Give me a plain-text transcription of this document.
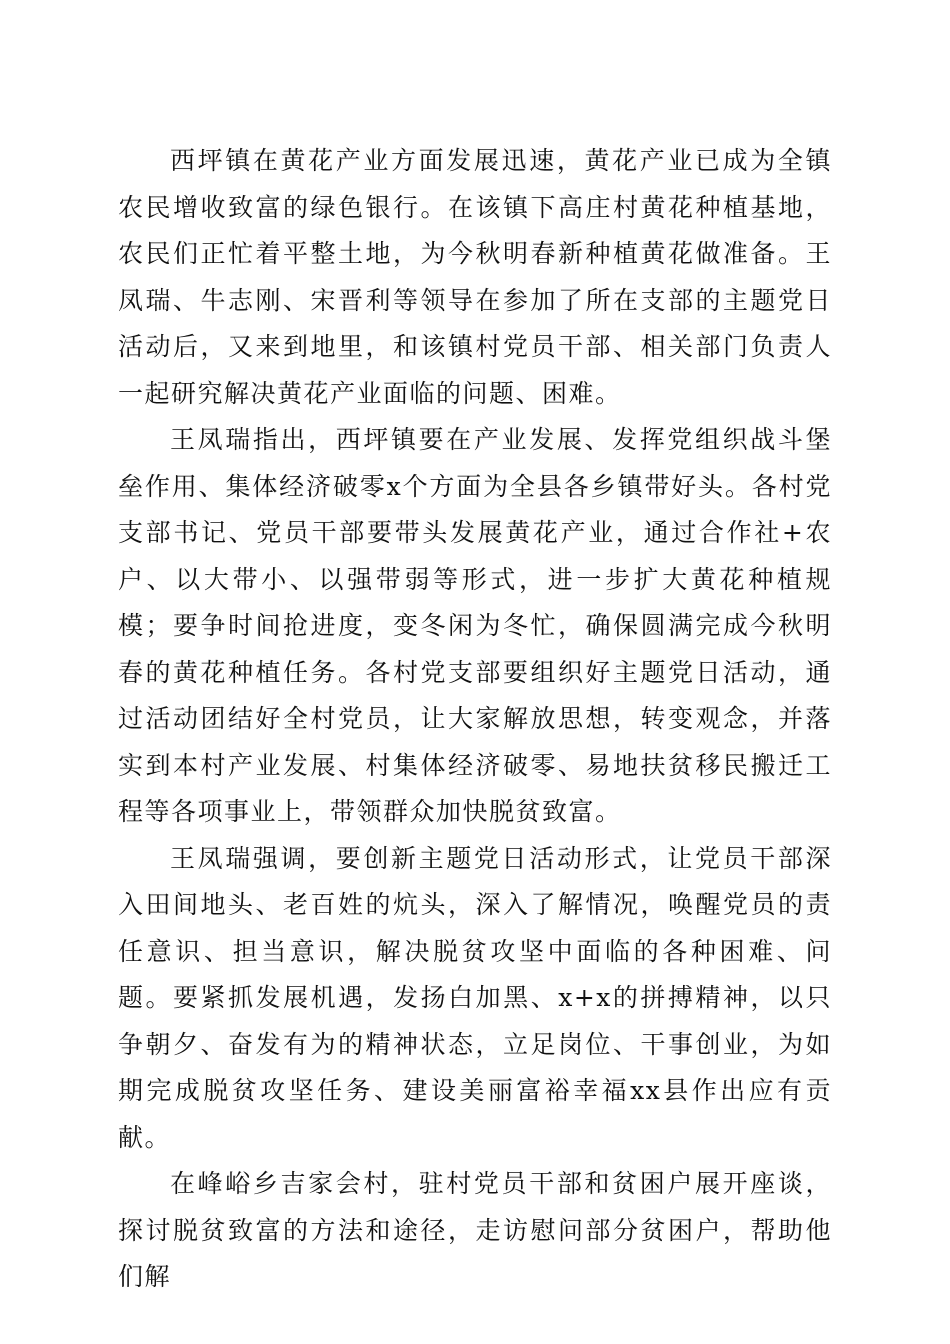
西坪镇在黄花产业方面发展迅速，黄花产业已成为全镇农民增收致富的绿色银行。在该镇下高庄村黄花种植基地，农民们正忙着平整土地，为今秋明春新种植黄花做准备。王凤瑞、牛志刚、宋晋利等领导在参加了所在支部的主题党日活动后，又来到地里，和该镇村党员干部、相关部门负责人一起研究解决黄花产业面临的问题、困难。

王凤瑞指出，西坪镇要在产业发展、发挥党组织战斗堡垒作用、集体经济破零x个方面为全县各乡镇带好头。各村党支部书记、党员干部要带头发展黄花产业，通过合作社+农户、以大带小、以强带弱等形式，进一步扩大黄花种植规模；要争时间抢进度，变冬闲为冬忙，确保圆满完成今秋明春的黄花种植任务。各村党支部要组织好主题党日活动，通过活动团结好全村党员，让大家解放思想，转变观念，并落实到本村产业发展、村集体经济破零、易地扶贫移民搬迁工程等各项事业上，带领群众加快脱贫致富。

王凤瑞强调，要创新主题党日活动形式，让党员干部深入田间地头、老百姓的炕头，深入了解情况，唤醒党员的责任意识、担当意识，解决脱贫攻坚中面临的各种困难、问题。要紧抓发展机遇，发扬白加黑、x+x的拼搏精神，以只争朝夕、奋发有为的精神状态，立足岗位、干事创业，为如期完成脱贫攻坚任务、建设美丽富裕幸福xx县作出应有贡献。

在峰峪乡吉家会村，驻村党员干部和贫困户展开座谈，探讨脱贫致富的方法和途径，走访慰问部分贫困户，帮助他们解
